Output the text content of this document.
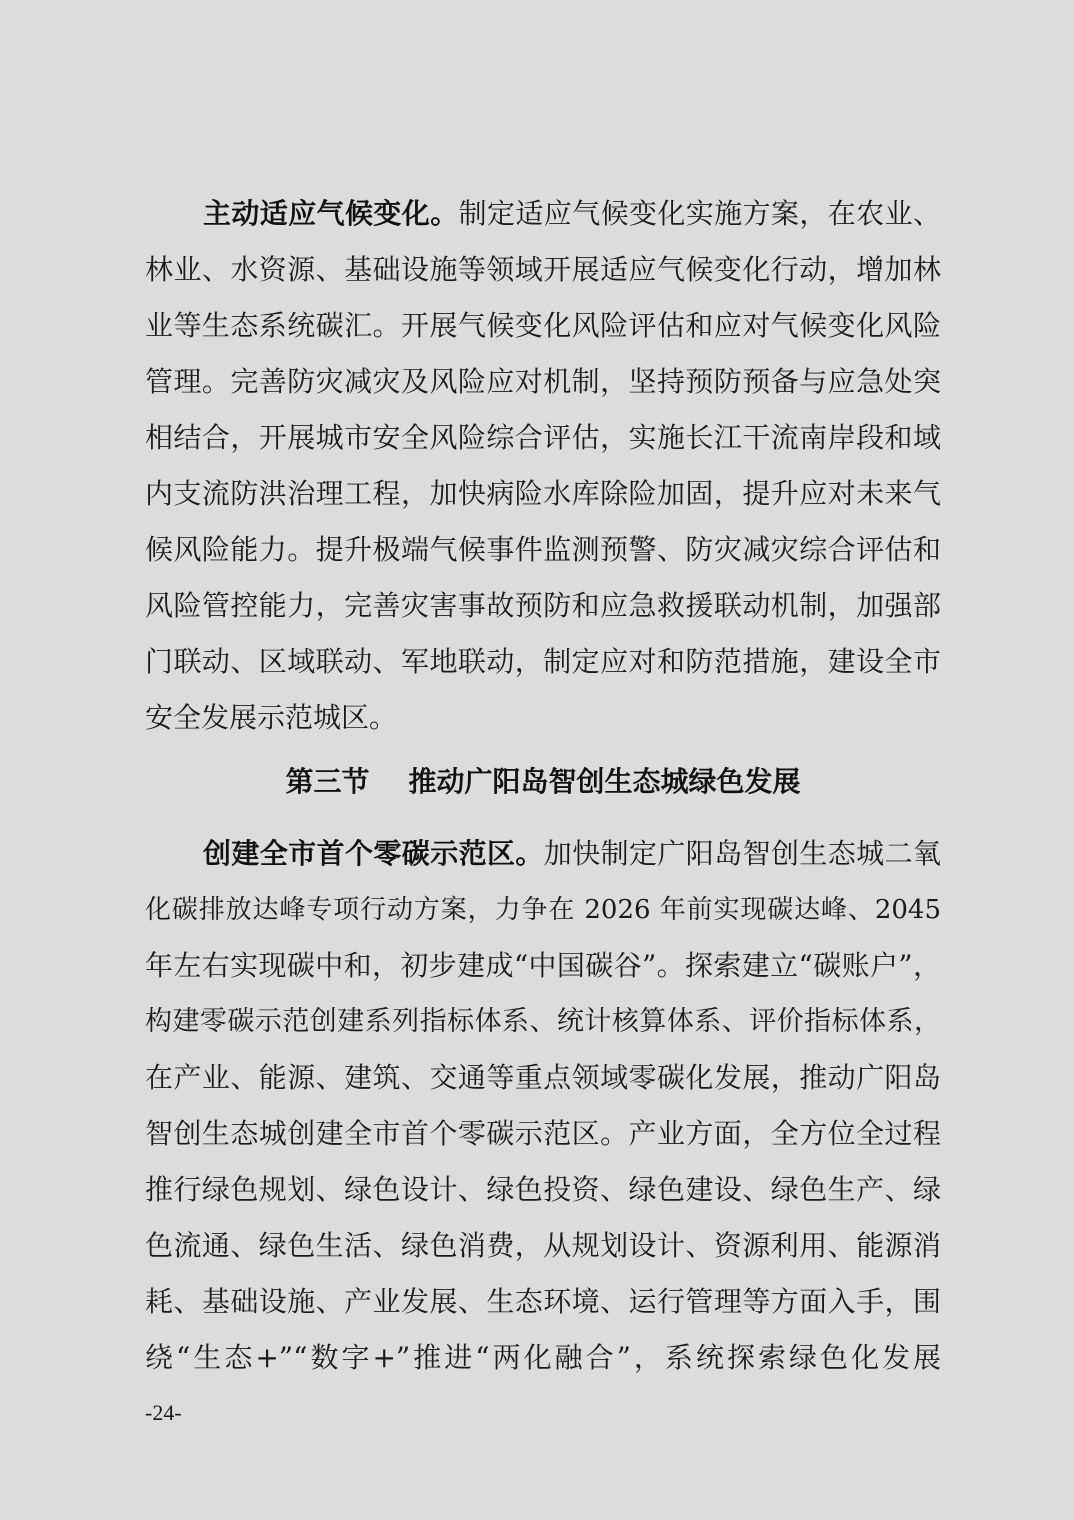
主动适应气候变化。制定适应气候变化实施方案，在农业、
林业、水资源、基础设施等领域开展适应气候变化行动，增加林
业等生态系统碳汇。开展气候变化风险评估和应对气候变化风险
管理。完善防灾减灾及风险应对机制，坚持预防预备与应急处突
相结合，开展城市安全风险综合评估，实施长江干流南岸段和域
内支流防洪治理工程，加快病险水库除险加固，提升应对未来气
候风险能力。提升极端气候事件监测预警、防灾减灾综合评估和
风险管控能力，完善灾害事故预防和应急救援联动机制，加强部
门联动、区域联动、军地联动，制定应对和防范措施，建设全市
安全发展示范城区。
第三节    推动广阳岛智创生态城绿色发展
创建全市首个零碳示范区。加快制定广阳岛智创生态城二氧
化碳排放达峰专项行动方案，力争在 2026 年前实现碳达峰、2045
年左右实现碳中和，初步建成“中国碳谷”。探索建立“碳账户”，
构建零碳示范创建系列指标体系、统计核算体系、评价指标体系，
在产业、能源、建筑、交通等重点领域零碳化发展，推动广阳岛
智创生态城创建全市首个零碳示范区。产业方面，全方位全过程
推行绿色规划、绿色设计、绿色投资、绿色建设、绿色生产、绿
色流通、绿色生活、绿色消费，从规划设计、资源利用、能源消
耗、基础设施、产业发展、生态环境、运行管理等方面入手，围
绕“生态+”“数字+”推进“两化融合”，系统探索绿色化发展
-24-
